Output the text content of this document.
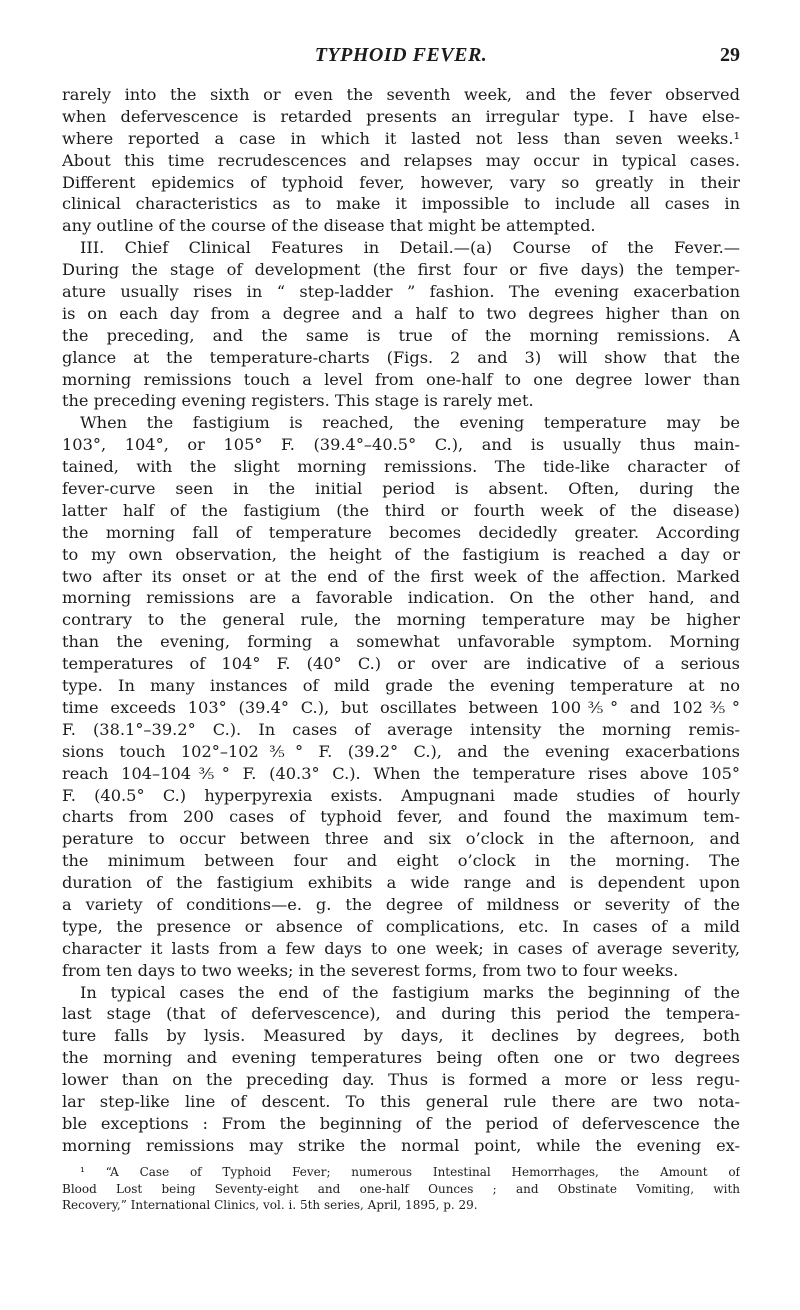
TYPHOID FEVER.	29
rarely into the sixth or even the seventh week, and the fever observed
when defervescence is retarded presents an irregular type. I have else-
where reported a case in which it lasted not less than seven weeks.¹
About this time recrudescences and relapses may occur in typical cases.
Different epidemics of typhoid fever, however, vary so greatly in their
clinical characteristics as to make it impossible to include all cases in
any outline of the course of the disease that might be attempted.
III. Chief Clinical Features in Detail.—(a) Course of the Fever.—
During the stage of development (the first four or five days) the temper-
ature usually rises in “ step-ladder ” fashion. The evening exacerbation
is on each day from a degree and a half to two degrees higher than on
the preceding, and the same is true of the morning remissions. A
glance at the temperature-charts (Figs. 2 and 3) will show that the
morning remissions touch a level from one-half to one degree lower than
the preceding evening registers. This stage is rarely met.
When the fastigium is reached, the evening temperature may be
103°, 104°, or 105° F. (39.4°–40.5° C.), and is usually thus main-
tained, with the slight morning remissions. The tide-like character of
fever-curve seen in the initial period is absent. Often, during the
latter half of the fastigium (the third or fourth week of the disease)
the morning fall of temperature becomes decidedly greater. According
to my own observation, the height of the fastigium is reached a day or
two after its onset or at the end of the first week of the affection. Marked
morning remissions are a favorable indication. On the other hand, and
contrary to the general rule, the morning temperature may be higher
than the evening, forming a somewhat unfavorable symptom. Morning
temperatures of 104° F. (40° C.) or over are indicative of a serious
type. In many instances of mild grade the evening temperature at no
time exceeds 103° (39.4° C.), but oscillates between 100⅗° and 102⅗°
F. (38.1°–39.2° C.). In cases of average intensity the morning remis-
sions touch 102°–102⅗° F. (39.2° C.), and the evening exacerbations
reach 104–104⅗° F. (40.3° C.). When the temperature rises above 105°
F. (40.5° C.) hyperpyrexia exists. Ampugnani made studies of hourly
charts from 200 cases of typhoid fever, and found the maximum tem-
perature to occur between three and six o’clock in the afternoon, and
the minimum between four and eight o’clock in the morning. The
duration of the fastigium exhibits a wide range and is dependent upon
a variety of conditions—e. g. the degree of mildness or severity of the
type, the presence or absence of complications, etc. In cases of a mild
character it lasts from a few days to one week; in cases of average severity,
from ten days to two weeks; in the severest forms, from two to four weeks.
In typical cases the end of the fastigium marks the beginning of the
last stage (that of defervescence), and during this period the tempera-
ture falls by lysis. Measured by days, it declines by degrees, both
the morning and evening temperatures being often one or two degrees
lower than on the preceding day. Thus is formed a more or less regu-
lar step-like line of descent. To this general rule there are two nota-
ble exceptions : From the beginning of the period of defervescence the
morning remissions may strike the normal point, while the evening ex-
¹ “A Case of Typhoid Fever; numerous Intestinal Hemorrhages, the Amount of
Blood Lost being Seventy-eight and one-half Ounces ; and Obstinate Vomiting, with
Recovery,” International Clinics, vol. i. 5th series, April, 1895, p. 29.
